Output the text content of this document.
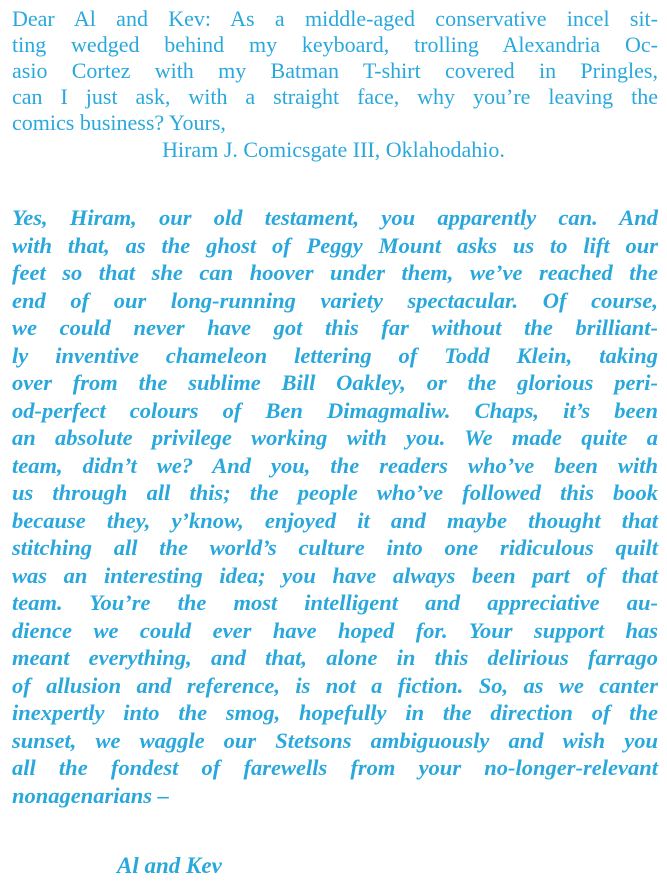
Dear Al and Kev: As a middle-aged conservative incel sit-
ting wedged behind my keyboard, trolling Alexandria Oc-
asio Cortez with my Batman T-shirt covered in Pringles,
can I just ask, with a straight face, why you’re leaving the
comics business? Yours,
Hiram J. Comicsgate III, Oklahodahio.
Yes, Hiram, our old testament, you apparently can. And
with that, as the ghost of Peggy Mount asks us to lift our
feet so that she can hoover under them, we’ve reached the
end of our long-running variety spectacular. Of course,
we could never have got this far without the brilliant-
ly inventive chameleon lettering of Todd Klein, taking
over from the sublime Bill Oakley, or the glorious peri-
od-perfect colours of Ben Dimagmaliw. Chaps, it’s been
an absolute privilege working with you. We made quite a
team, didn’t we? And you, the readers who’ve been with
us through all this; the people who’ve followed this book
because they, y’know, enjoyed it and maybe thought that
stitching all the world’s culture into one ridiculous quilt
was an interesting idea; you have always been part of that
team. You’re the most intelligent and appreciative au-
dience we could ever have hoped for. Your support has
meant everything, and that, alone in this delirious farrago
of allusion and reference, is not a fiction. So, as we canter
inexpertly into the smog, hopefully in the direction of the
sunset, we waggle our Stetsons ambiguously and wish you
all the fondest of farewells from your no-longer-relevant
nonagenarians –
Al and Kev
